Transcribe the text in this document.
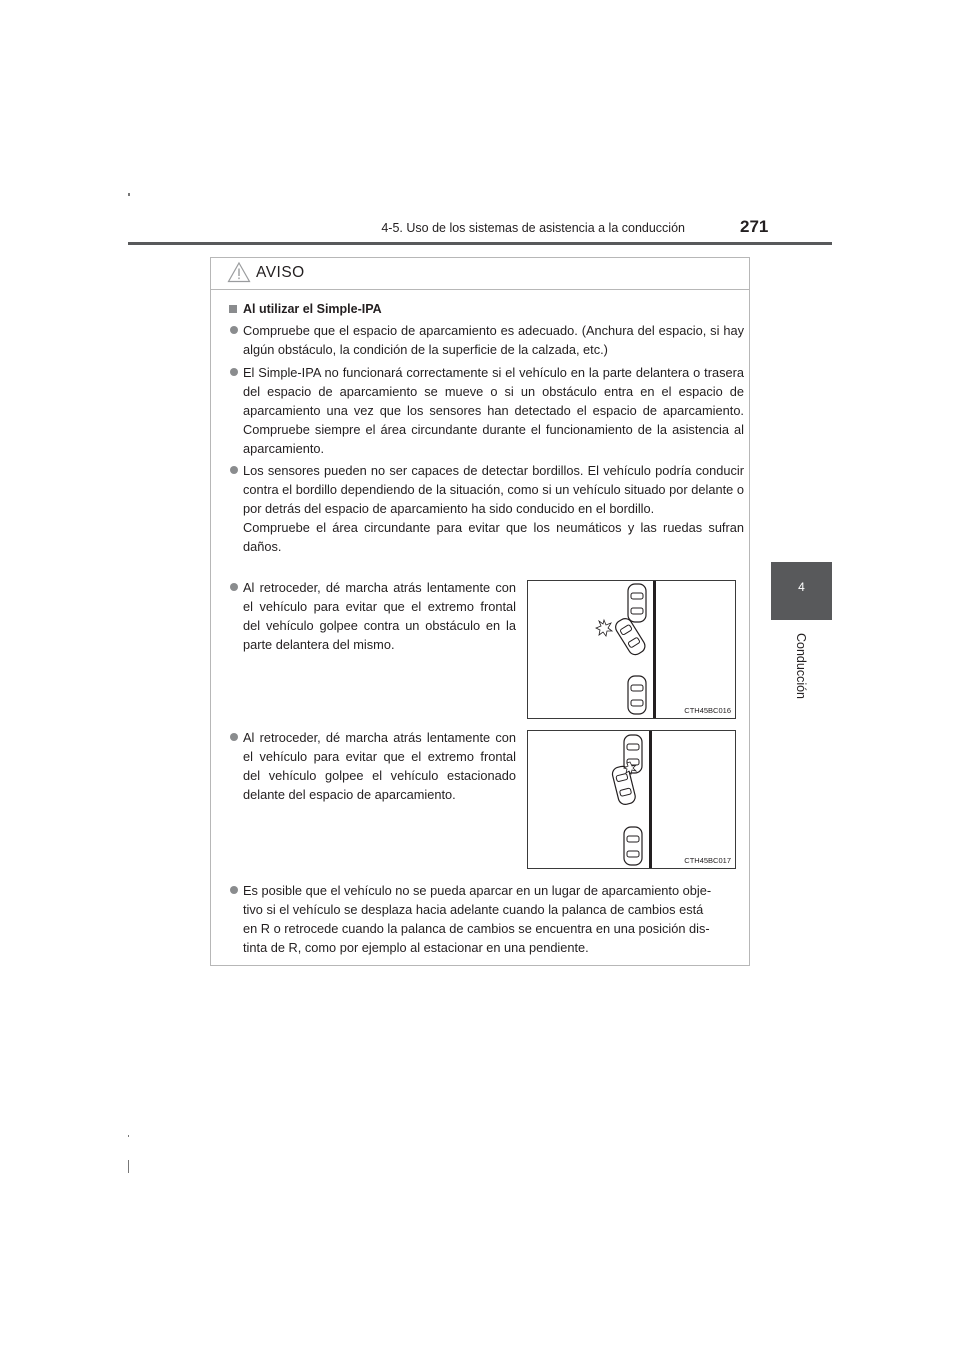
4-5. Uso de los sistemas de asistencia a la conducción	271
4
Conducción
AVISO
Al utilizar el Simple-IPA
Compruebe que el espacio de aparcamiento es adecuado. (Anchura del espacio, si hay algún obstáculo, la condición de la superficie de la calzada, etc.)
El Simple-IPA no funcionará correctamente si el vehículo en la parte delantera o trasera del espacio de aparcamiento se mueve o si un obstáculo entra en el espacio de aparcamiento una vez que los sensores han detectado el espacio de aparcamiento. Compruebe siempre el área circundante durante el funcionamiento de la asistencia al aparcamiento.
Los sensores pueden no ser capaces de detectar bordillos. El vehículo podría conducir contra el bordillo dependiendo de la situación, como si un vehículo situado por delante o por detrás del espacio de aparcamiento ha sido conducido en el bordillo.
Compruebe el área circundante para evitar que los neumáticos y las ruedas sufran daños.
Al retroceder, dé marcha atrás lentamente con el vehículo para evitar que el extremo frontal del vehículo golpee contra un obstáculo en la parte delantera del mismo.
Al retroceder, dé marcha atrás lentamente con el vehículo para evitar que el extremo frontal del vehículo golpee el vehículo estacionado delante del espacio de aparcamiento.
Es posible que el vehículo no se pueda aparcar en un lugar de aparcamiento obje-
tivo si el vehículo se desplaza hacia adelante cuando la palanca de cambios está
en R o retrocede cuando la palanca de cambios se encuentra en una posición dis-
tinta de R, como por ejemplo al estacionar en una pendiente.
CTH45BC016
CTH45BC017
